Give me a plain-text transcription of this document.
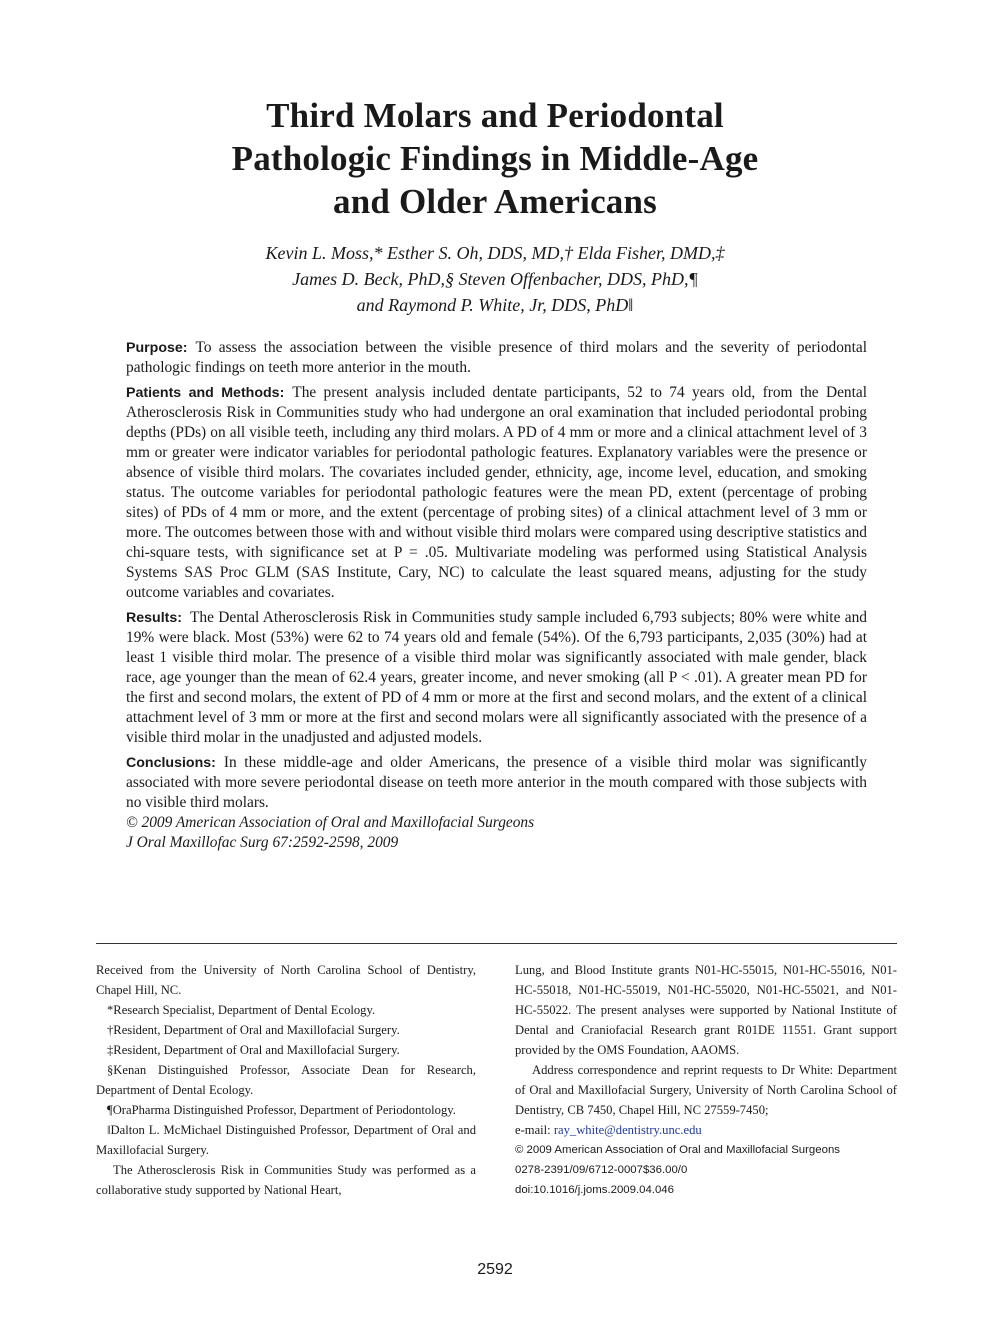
Third Molars and Periodontal
Pathologic Findings in Middle-Age
and Older Americans
Kevin L. Moss,* Esther S. Oh, DDS, MD,† Elda Fisher, DMD,‡
James D. Beck, PhD,§ Steven Offenbacher, DDS, PhD,¶
and Raymond P. White, Jr, DDS, PhD‖

Purpose: To assess the association between the visible presence of third molars and the severity of periodontal pathologic findings on teeth more anterior in the mouth.

Patients and Methods: The present analysis included dentate participants, 52 to 74 years old, from the Dental Atherosclerosis Risk in Communities study who had undergone an oral examination that included periodontal probing depths (PDs) on all visible teeth, including any third molars. A PD of 4 mm or more and a clinical attachment level of 3 mm or greater were indicator variables for periodontal pathologic features. Explanatory variables were the presence or absence of visible third molars. The covariates included gender, ethnicity, age, income level, education, and smoking status. The outcome variables for periodontal pathologic features were the mean PD, extent (percentage of probing sites) of PDs of 4 mm or more, and the extent (percentage of probing sites) of a clinical attachment level of 3 mm or more. The outcomes between those with and without visible third molars were compared using descriptive statistics and chi-square tests, with significance set at P = .05. Multivariate modeling was performed using Statistical Analysis Systems SAS Proc GLM (SAS Institute, Cary, NC) to calculate the least squared means, adjusting for the study outcome variables and covariates.

Results: The Dental Atherosclerosis Risk in Communities study sample included 6,793 subjects; 80% were white and 19% were black. Most (53%) were 62 to 74 years old and female (54%). Of the 6,793 participants, 2,035 (30%) had at least 1 visible third molar. The presence of a visible third molar was significantly associated with male gender, black race, age younger than the mean of 62.4 years, greater income, and never smoking (all P < .01). A greater mean PD for the first and second molars, the extent of PD of 4 mm or more at the first and second molars, and the extent of a clinical attachment level of 3 mm or more at the first and second molars were all significantly associated with the presence of a visible third molar in the unadjusted and adjusted models.

Conclusions: In these middle-age and older Americans, the presence of a visible third molar was significantly associated with more severe periodontal disease on teeth more anterior in the mouth compared with those subjects with no visible third molars.

© 2009 American Association of Oral and Maxillofacial Surgeons
J Oral Maxillofac Surg 67:2592-2598, 2009

Received from the University of North Carolina School of Dentistry, Chapel Hill, NC.

*Research Specialist, Department of Dental Ecology.

†Resident, Department of Oral and Maxillofacial Surgery.

‡Resident, Department of Oral and Maxillofacial Surgery.

§Kenan Distinguished Professor, Associate Dean for Research, Department of Dental Ecology.

¶OraPharma Distinguished Professor, Department of Periodontology.

‖Dalton L. McMichael Distinguished Professor, Department of Oral and Maxillofacial Surgery.

The Atherosclerosis Risk in Communities Study was performed as a collaborative study supported by National Heart,

Lung, and Blood Institute grants N01-HC-55015, N01-HC-55016, N01-HC-55018, N01-HC-55019, N01-HC-55020, N01-HC-55021, and N01-HC-55022. The present analyses were supported by National Institute of Dental and Craniofacial Research grant R01DE 11551. Grant support provided by the OMS Foundation, AAOMS.

Address correspondence and reprint requests to Dr White: Department of Oral and Maxillofacial Surgery, University of North Carolina School of Dentistry, CB 7450, Chapel Hill, NC 27559-7450;

e-mail: ray_white@dentistry.unc.edu

© 2009 American Association of Oral and Maxillofacial Surgeons

0278-2391/09/6712-0007$36.00/0

doi:10.1016/j.joms.2009.04.046

2592
